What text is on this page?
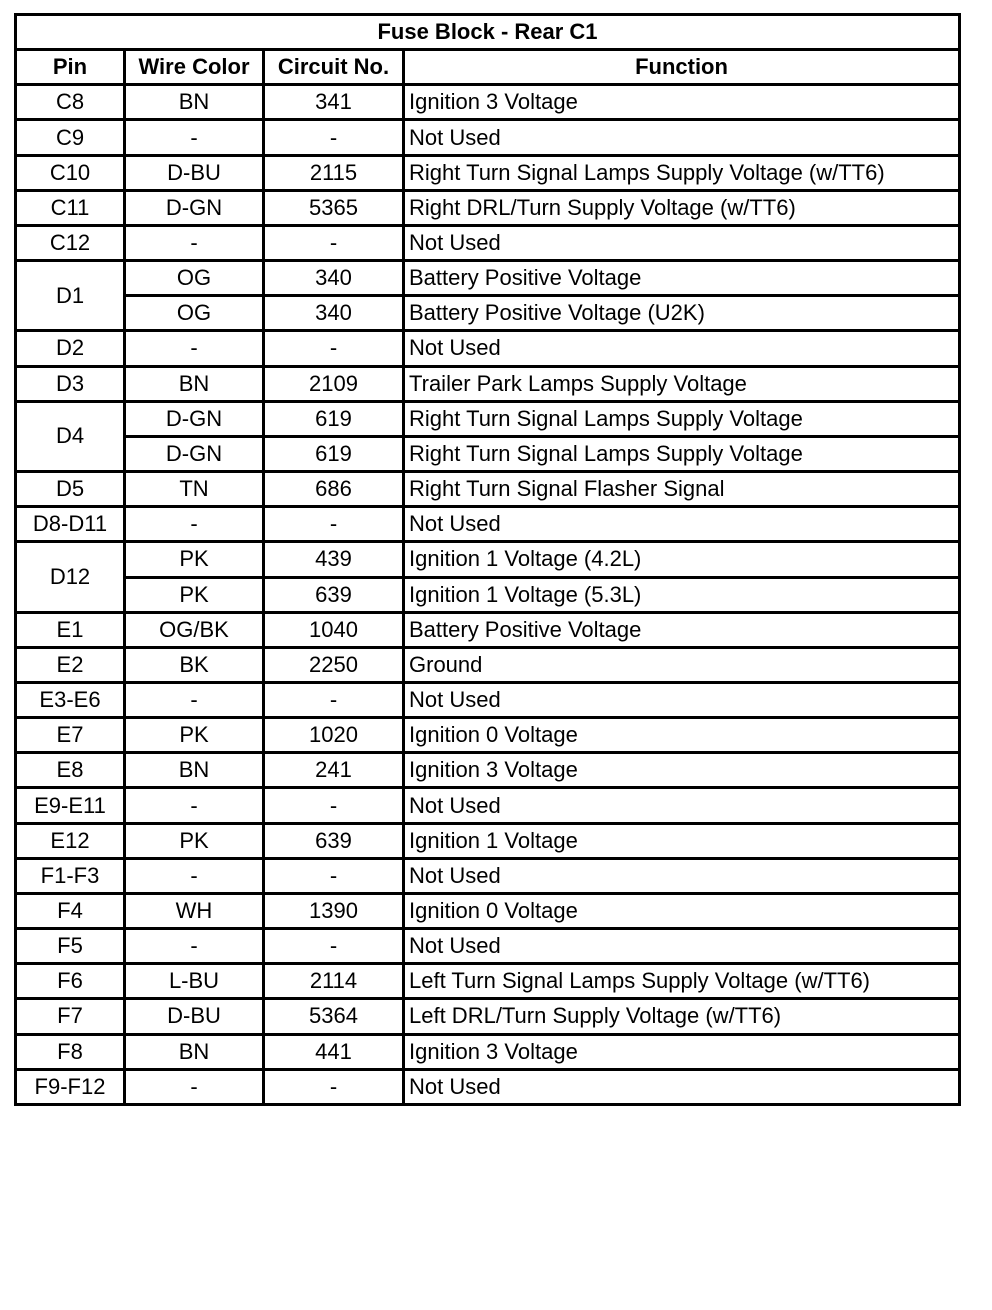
Fuse Block - Rear C1			
Pin	Wire Color	Circuit No.	Function
C8	BN	341	Ignition 3 Voltage
C9	-	-	Not Used
C10	D-BU	2115	Right Turn Signal Lamps Supply Voltage (w/TT6)
C11	D-GN	5365	Right DRL/Turn Supply Voltage (w/TT6)
C12	-	-	Not Used
D1	OG	340	Battery Positive Voltage
	OG	340	Battery Positive Voltage (U2K)
D2	-	-	Not Used
D3	BN	2109	Trailer Park Lamps Supply Voltage
D4	D-GN	619	Right Turn Signal Lamps Supply Voltage
	D-GN	619	Right Turn Signal Lamps Supply Voltage
D5	TN	686	Right Turn Signal Flasher Signal
D8-D11	-	-	Not Used
D12	PK	439	Ignition 1 Voltage (4.2L)
	PK	639	Ignition 1 Voltage (5.3L)
E1	OG/BK	1040	Battery Positive Voltage
E2	BK	2250	Ground
E3-E6	-	-	Not Used
E7	PK	1020	Ignition 0 Voltage
E8	BN	241	Ignition 3 Voltage
E9-E11	-	-	Not Used
E12	PK	639	Ignition 1 Voltage
F1-F3	-	-	Not Used
F4	WH	1390	Ignition 0 Voltage
F5	-	-	Not Used
F6	L-BU	2114	Left Turn Signal Lamps Supply Voltage (w/TT6)
F7	D-BU	5364	Left DRL/Turn Supply Voltage (w/TT6)
F8	BN	441	Ignition 3 Voltage
F9-F12	-	-	Not Used
